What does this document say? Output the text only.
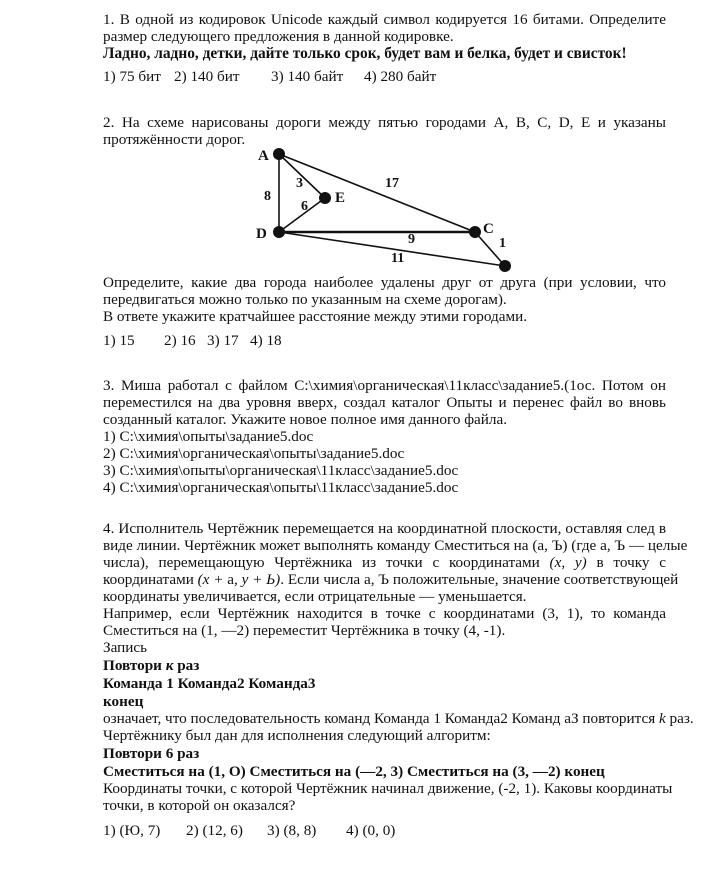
1. В одной из кодировок Unicode каждый символ кодируется 16 битами. Определите
размер следующего предложения в данной кодировке.
Ладно, ладно, детки, дайте только срок, будет вам и белка, будет и свисток!
1) 75 бит 2) 140 бит 3) 140 байт 4) 280 байт
2. На схеме нарисованы дороги между пятью городами A, B, C, D, E и указаны
протяжённости дорог.
8
3
6
17
9
11
1
A
E
D	C
Определите, какие два города наиболее удалены друг от друга (при условии, что
передвигаться можно только по указанным на схеме дорогам).
В ответе укажите кратчайшее расстояние между этими городами.
1) 15 2) 16 3) 17 4) 18
3. Миша работал с файлом С:\химия\органическая\11класс\задание5.(1ос. Потом он
переместился на два уровня вверх, создал каталог Опыты и перенес файл во вновь
созданный каталог. Укажите новое полное имя данного файла.
1) С:\химия\опыты\задание5.doc
2) С:\химия\органическая\опыты\задание5.doc
3) С:\химия\опыты\органическая\11класс\задание5.doc
4) С:\химия\органическая\опыты\11класс\задание5.doc
4. Исполнитель Чертёжник перемещается на координатной плоскости, оставляя след в
виде линии. Чертёжник может выполнять команду Сместиться на (а, Ъ) (где а, Ъ — целые
числа), перемещающую Чертёжника из точки с координатами (x, y) в точку с
координатами (x + a, y + Ь). Если числа а, Ъ положительные, значение соответствующей
координаты увеличивается, если отрицательные — уменьшается.
Например, если Чертёжник находится в точке с координатами (3, 1), то команда
Сместиться на (1, —2) переместит Чертёжника в точку (4, -1).
Запись
Повтори к раз
Команда 1 Команда2 Команда3
конец
означает, что последовательность команд Команда 1 Команда2 Команд аЗ повторится k раз.
Чертёжнику был дан для исполнения следующий алгоритм:
Повтори 6 раз
Сместиться на (1, О) Сместиться на (—2, 3) Сместиться на (3, —2) конец
Координаты точки, с которой Чертёжник начинал движение, (-2, 1). Каковы координаты
точки, в которой он оказался?
1) (Ю, 7) 2) (12, 6) 3) (8, 8) 4) (0, 0)
